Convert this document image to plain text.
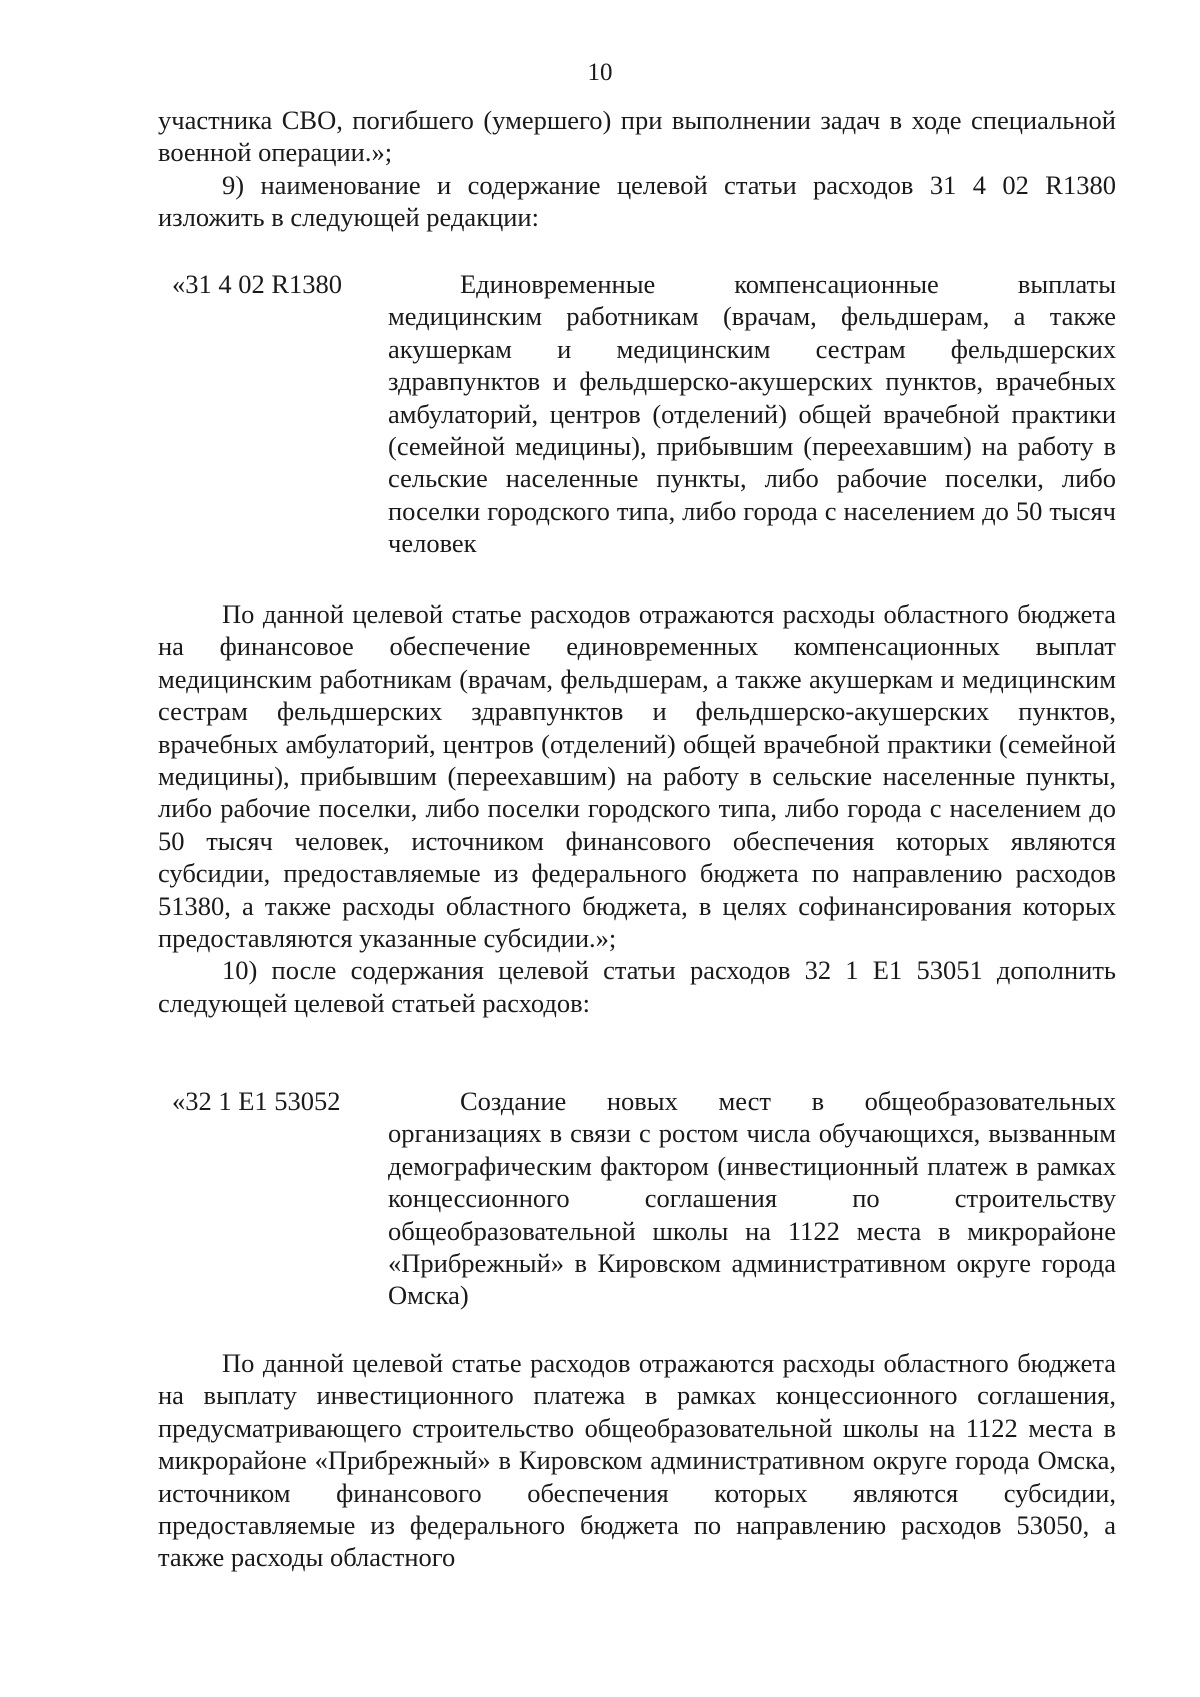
10

участника СВО, погибшего (умершего) при выполнении задач в ходе специальной военной операции.»;

9) наименование и содержание целевой статьи расходов 31 4 02 R1380 изложить в следующей редакции:

«31 4 02 R1380	Единовременные компенсационные выплаты медицинским работникам (врачам, фельдшерам, а также акушеркам и медицинским сестрам фельдшерских здравпунктов и фельдшерско-акушерских пунктов, врачебных амбулаторий, центров (отделений) общей врачебной практики (семейной медицины), прибывшим (переехавшим) на работу в сельские населенные пункты, либо рабочие поселки, либо поселки городского типа, либо города с населением до 50 тысяч человек

По данной целевой статье расходов отражаются расходы областного бюджета на финансовое обеспечение единовременных компенсационных выплат медицинским работникам (врачам, фельдшерам, а также акушеркам и медицинским сестрам фельдшерских здравпунктов и фельдшерско-акушерских пунктов, врачебных амбулаторий, центров (отделений) общей врачебной практики (семейной медицины), прибывшим (переехавшим) на работу в сельские населенные пункты, либо рабочие поселки, либо поселки городского типа, либо города с населением до 50 тысяч человек, источником финансового обеспечения которых являются субсидии, предоставляемые из федерального бюджета по направлению расходов 51380, а также расходы областного бюджета, в целях софинансирования которых предоставляются указанные субсидии.»;

10) после содержания целевой статьи расходов 32 1 E1 53051 дополнить следующей целевой статьей расходов:

«32 1 E1 53052	Создание новых мест в общеобразовательных организациях в связи с ростом числа обучающихся, вызванным демографическим фактором (инвестиционный платеж в рамках концессионного соглашения по строительству общеобразовательной школы на 1122 места в микрорайоне «Прибрежный» в Кировском административном округе города Омска)

По данной целевой статье расходов отражаются расходы областного бюджета на выплату инвестиционного платежа в рамках концессионного соглашения, предусматривающего строительство общеобразовательной школы на 1122 места в микрорайоне «Прибрежный» в Кировском административном округе города Омска, источником финансового обеспечения которых являются субсидии, предоставляемые из федерального бюджета по направлению расходов 53050, а также расходы областного
